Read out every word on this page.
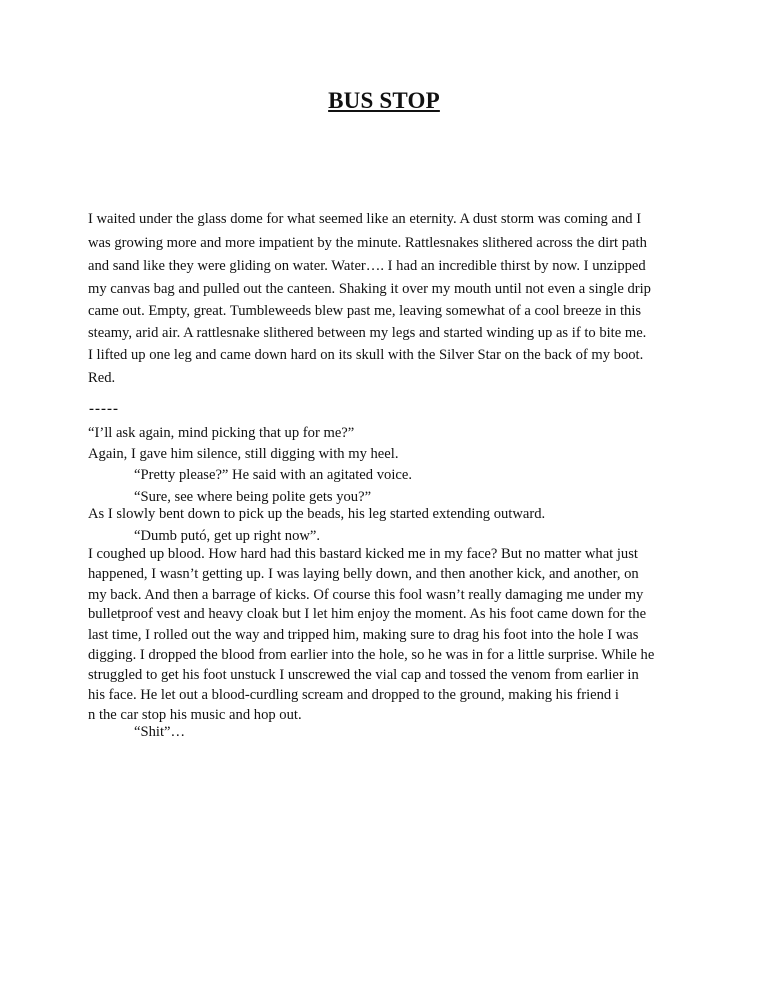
BUS STOP
I waited under the glass dome for what seemed like an eternity. A dust storm was coming and I
was growing more and more impatient by the minute. Rattlesnakes slithered across the dirt path
and sand like they were gliding on water. Water…. I had an incredible thirst by now. I unzipped
my canvas bag and pulled out the canteen. Shaking it over my mouth until not even a single drip
came out. Empty, great. Tumbleweeds blew past me, leaving somewhat of a cool breeze in this
steamy, arid air. A rattlesnake slithered between my legs and started winding up as if to bite me.
I lifted up one leg and came down hard on its skull with the Silver Star on the back of my boot.
Red.
-----
“I’ll ask again, mind picking that up for me?”
Again, I gave him silence, still digging with my heel.
“Pretty please?” He said with an agitated voice.
“Sure, see where being polite gets you?”
As I slowly bent down to pick up the beads, his leg started extending outward.
“Dumb putó, get up right now”.
I coughed up blood. How hard had this bastard kicked me in my face? But no matter what just
happened, I wasn’t getting up. I was laying belly down, and then another kick, and another, on
my back. And then a barrage of kicks. Of course this fool wasn’t really damaging me under my
bulletproof vest and heavy cloak but I let him enjoy the moment. As his foot came down for the
last time, I rolled out the way and tripped him, making sure to drag his foot into the hole I was
digging. I dropped the blood from earlier into the hole, so he was in for a little surprise. While he
struggled to get his foot unstuck I unscrewed the vial cap and tossed the venom from earlier in
his face. He let out a blood-curdling scream and dropped to the ground, making his friend i
n the car stop his music and hop out.
“Shit”…
